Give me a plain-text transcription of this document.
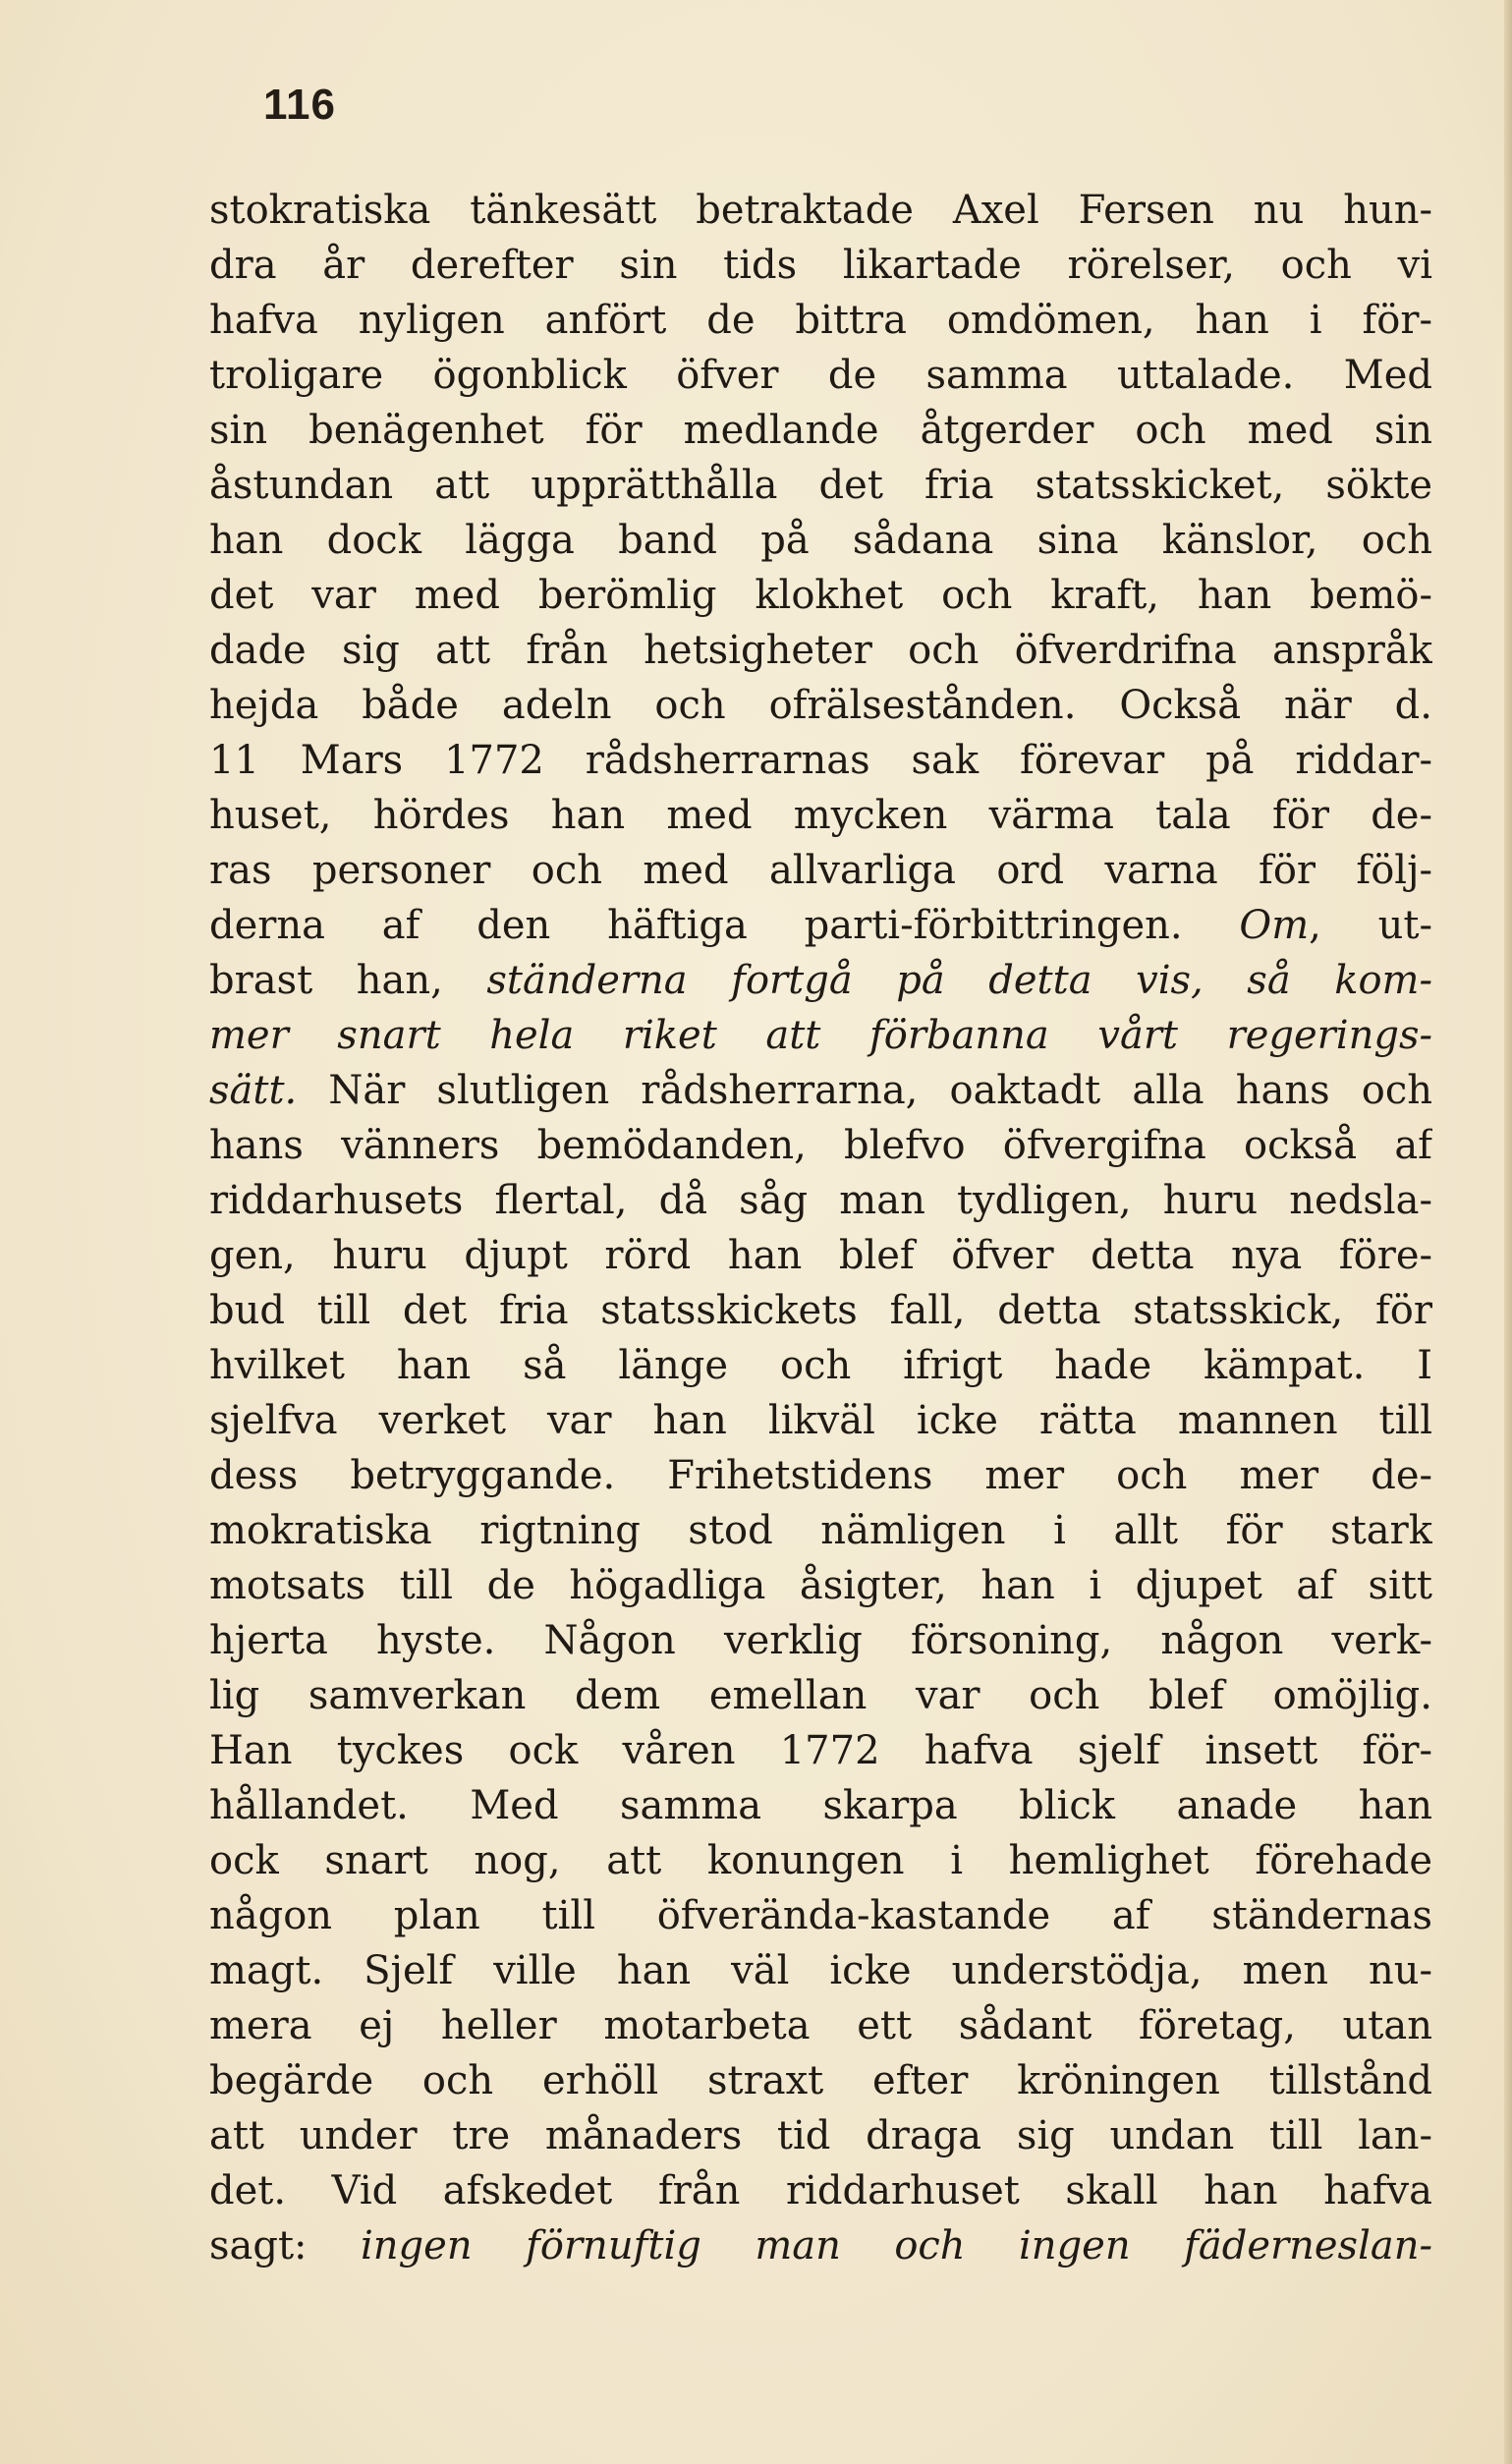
116
stokratiska tänkesätt betraktade Axel Fersen nu hun-
dra år derefter sin tids likartade rörelser, och vi
hafva nyligen anfört de bittra omdömen, han i för-
troligare ögonblick öfver de samma uttalade. Med
sin benägenhet för medlande åtgerder och med sin
åstundan att upprätthålla det fria statsskicket, sökte
han dock lägga band på sådana sina känslor, och
det var med berömlig klokhet och kraft, han bemö-
dade sig att från hetsigheter och öfverdrifna anspråk
hejda både adeln och ofrälsestånden. Också när d.
11 Mars 1772 rådsherrarnas sak förevar på riddar-
huset, hördes han med mycken värma tala för de-
ras personer och med allvarliga ord varna för följ-
derna af den häftiga parti-förbittringen. Om, ut-
brast han, ständerna fortgå på detta vis, så kom-
mer snart hela riket att förbanna vårt regerings-
sätt. När slutligen rådsherrarna, oaktadt alla hans och
hans vänners bemödanden, blefvo öfvergifna också af
riddarhusets flertal, då såg man tydligen, huru nedsla-
gen, huru djupt rörd han blef öfver detta nya före-
bud till det fria statsskickets fall, detta statsskick, för
hvilket han så länge och ifrigt hade kämpat. I
sjelfva verket var han likväl icke rätta mannen till
dess betryggande. Frihetstidens mer och mer de-
mokratiska rigtning stod nämligen i allt för stark
motsats till de högadliga åsigter, han i djupet af sitt
hjerta hyste. Någon verklig försoning, någon verk-
lig samverkan dem emellan var och blef omöjlig.
Han tyckes ock våren 1772 hafva sjelf insett för-
hållandet. Med samma skarpa blick anade han
ock snart nog, att konungen i hemlighet förehade
någon plan till öfverända-kastande af ständernas
magt. Sjelf ville han väl icke understödja, men nu-
mera ej heller motarbeta ett sådant företag, utan
begärde och erhöll straxt efter kröningen tillstånd
att under tre månaders tid draga sig undan till lan-
det. Vid afskedet från riddarhuset skall han hafva
sagt: ingen förnuftig man och ingen fäderneslan-
